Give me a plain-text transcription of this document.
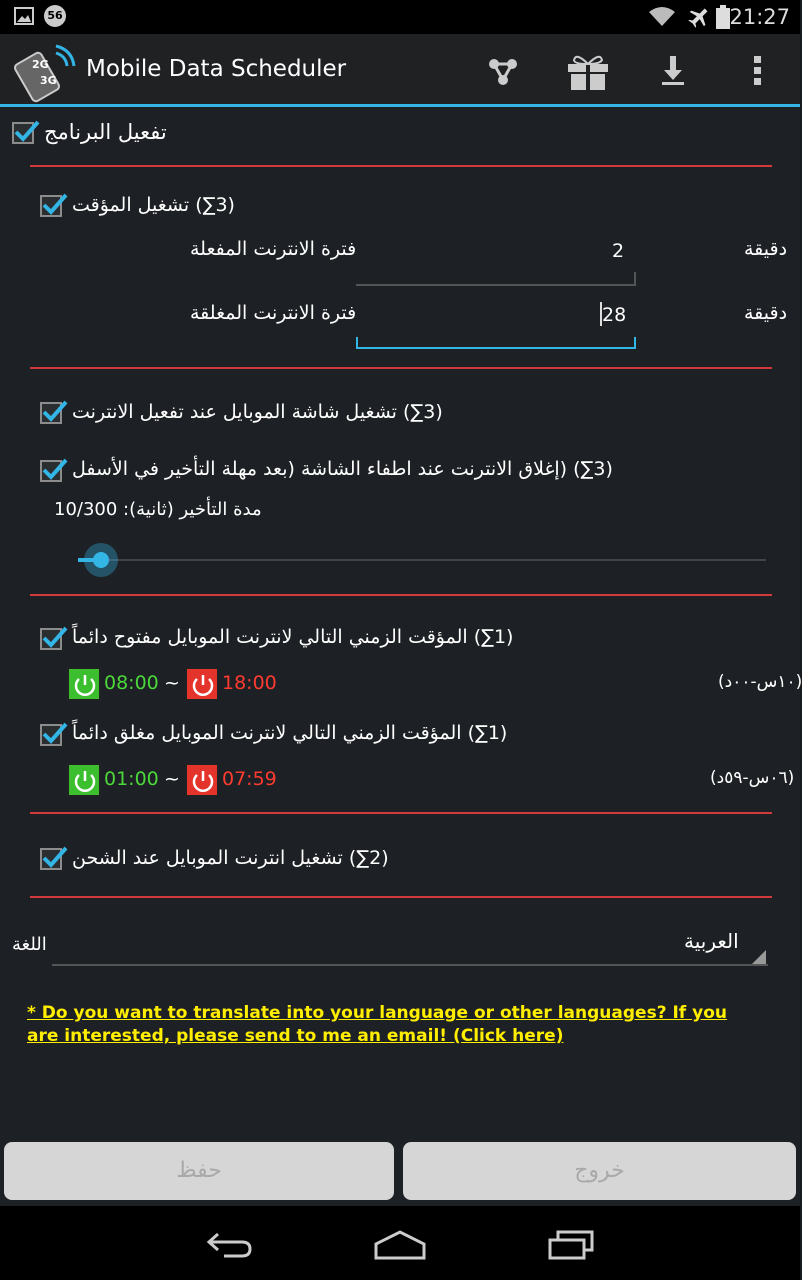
56	21:27
2G
3G Mobile Data Scheduler
تفعيل البرنامج
(3∑) تشغيل المؤقت
فترة الانترنت المفعلة	2	دقيقة
فترة الانترنت المغلقة	28	دقيقة
(3∑) تشغيل شاشة الموبايل عند تفعيل الانترنت
(3∑) (إغلاق الانترنت عند اطفاء الشاشة (بعد مهلة التأخير في الأسفل
مدة التأخير (ثانية): 10/300
(1∑) المؤقت الزمني التالي لانترنت الموبايل مفتوح دائماً
08:00 ~ 18:00	(۱۰س-۰۰د)
(1∑) المؤقت الزمني التالي لانترنت الموبايل مغلق دائماً
01:00 ~ 07:59	(۰٦س-٥٩د)
(2∑) تشغيل انترنت الموبايل عند الشحن
اللغة	العربية
* Do you want to translate into your language or other languages? If you are interested, please send to me an email! (Click here)
حفظ	خروج
